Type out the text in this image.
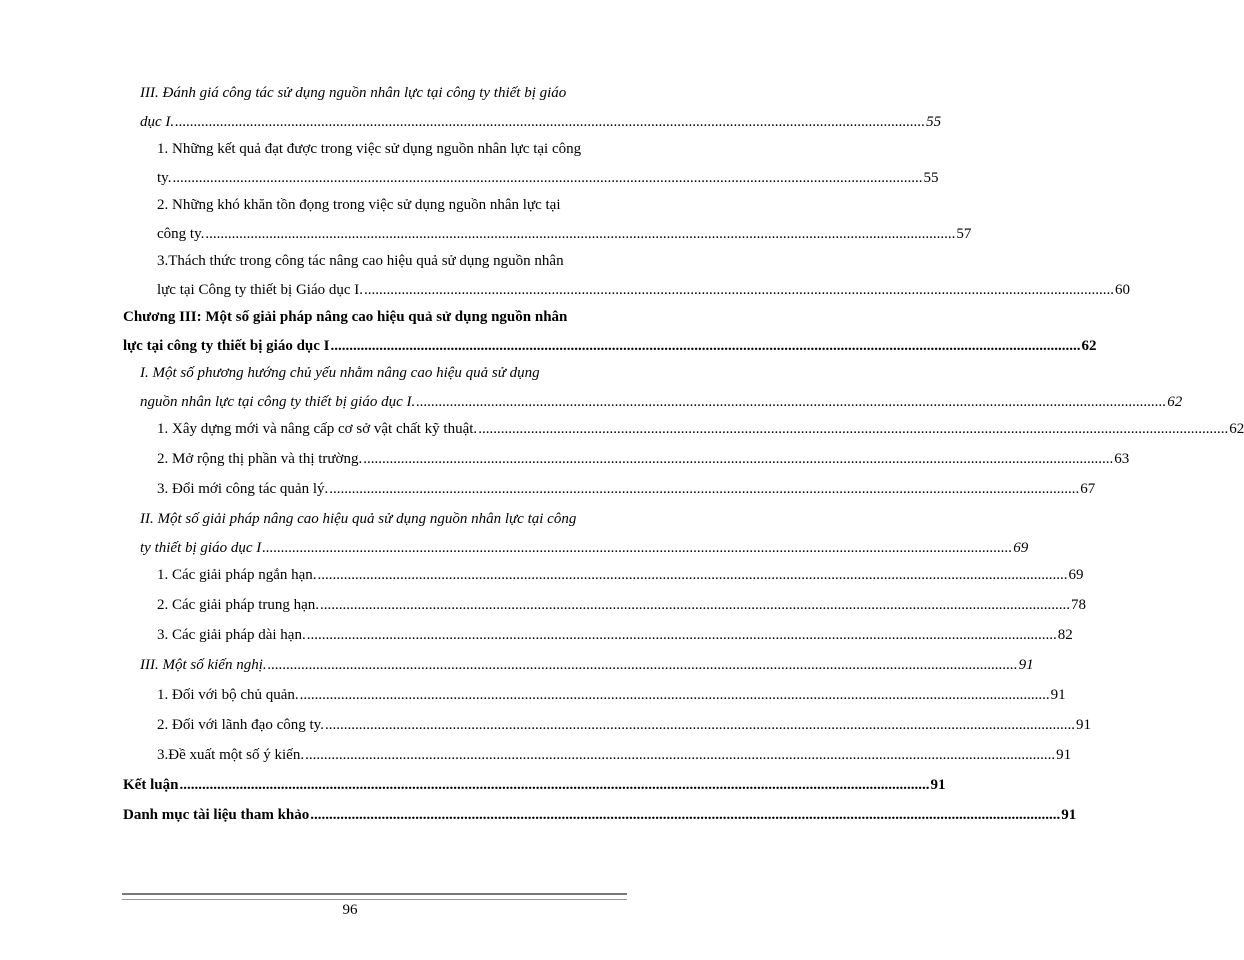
III. Đánh giá công tác sử dụng nguồn nhân lực tại công ty thiết bị giáo
dục I. ........................................................................................................................................................................................................ 55
1. Những kết quả đạt được trong việc sử dụng nguồn nhân lực tại công
ty. ........................................................................................................................................................................................................ 55
2. Những khó khăn tồn đọng trong việc sử dụng nguồn nhân lực tại
công ty. ........................................................................................................................................................................................................ 57
3.Thách thức trong công tác nâng cao hiệu quả sử dụng nguồn nhân
lực tại Công ty thiết bị Giáo dục I. ........................................................................................................................................................................................................ 60
Chương III: Một số giải pháp nâng cao hiệu quả sử dụng nguồn nhân
lực tại công ty thiết bị giáo dục I ........................................................................................................................................................................................................ 62
I. Một số phương hướng chủ yếu nhằm nâng cao hiệu quả sử dụng
nguồn nhân lực tại công ty thiết bị giáo dục I. ........................................................................................................................................................................................................ 62
1. Xây dựng mới và nâng cấp cơ sở vật chất kỹ thuật. ........................................................................................................................................................................................................ 62
2. Mở rộng thị phần và thị trường. ........................................................................................................................................................................................................ 63
3. Đổi mới công tác quản lý. ........................................................................................................................................................................................................ 67
II. Một số giải pháp nâng cao hiệu quả sử dụng nguồn nhân lực tại công
ty thiết bị giáo dục I ........................................................................................................................................................................................................ 69
1. Các giải pháp ngắn hạn. ........................................................................................................................................................................................................ 69
2. Các giải pháp trung hạn. ........................................................................................................................................................................................................ 78
3. Các giải pháp dài hạn. ........................................................................................................................................................................................................ 82
III. Một số kiến nghị. ........................................................................................................................................................................................................ 91
1. Đối với bộ chủ quản. ........................................................................................................................................................................................................ 91
2. Đối với lãnh đạo công ty. ........................................................................................................................................................................................................ 91
3.Đề xuất một số ý kiến. ........................................................................................................................................................................................................ 91
Kết luận ........................................................................................................................................................................................................ 91
Danh mục tài liệu tham khảo ........................................................................................................................................................................................................ 91
96
